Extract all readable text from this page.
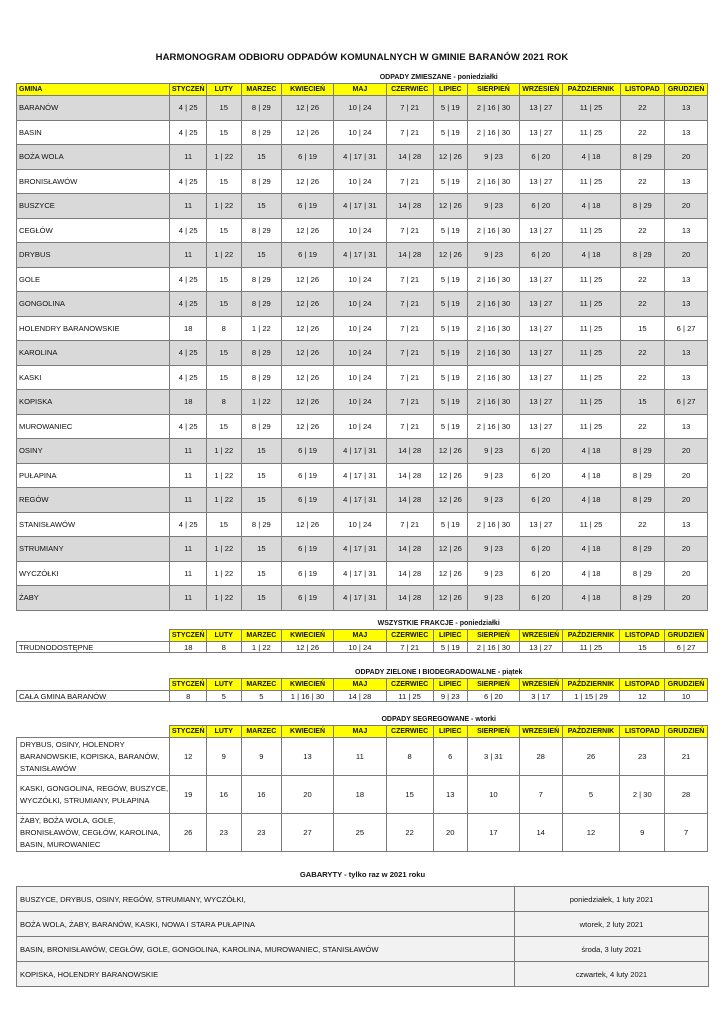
HARMONOGRAM ODBIORU ODPADÓW KOMUNALNYCH W GMINIE BARANÓW 2021 ROK
	ODPADY ZMIESZANE - poniedziałki											
GMINA	STYCZEŃ	LUTY	MARZEC	KWIECIEŃ	MAJ	CZERWIEC	LIPIEC	SIERPIEŃ	WRZESIEŃ	PAŹDZIERNIK	LISTOPAD	GRUDZIEŃ
BARANÓW	4 | 25	15	8 | 29	12 | 26	10 | 24	7 | 21	5 | 19	2 | 16 | 30	13 | 27	11 | 25	22	13
BASIN	4 | 25	15	8 | 29	12 | 26	10 | 24	7 | 21	5 | 19	2 | 16 | 30	13 | 27	11 | 25	22	13
BOŻA WOLA	11	1 | 22	15	6 | 19	4 | 17 | 31	14 | 28	12 | 26	9 | 23	6 | 20	4 | 18	8 | 29	20
BRONISŁAWÓW	4 | 25	15	8 | 29	12 | 26	10 | 24	7 | 21	5 | 19	2 | 16 | 30	13 | 27	11 | 25	22	13
BUSZYCE	11	1 | 22	15	6 | 19	4 | 17 | 31	14 | 28	12 | 26	9 | 23	6 | 20	4 | 18	8 | 29	20
CEGŁÓW	4 | 25	15	8 | 29	12 | 26	10 | 24	7 | 21	5 | 19	2 | 16 | 30	13 | 27	11 | 25	22	13
DRYBUS	11	1 | 22	15	6 | 19	4 | 17 | 31	14 | 28	12 | 26	9 | 23	6 | 20	4 | 18	8 | 29	20
GOLE	4 | 25	15	8 | 29	12 | 26	10 | 24	7 | 21	5 | 19	2 | 16 | 30	13 | 27	11 | 25	22	13
GONGOLINA	4 | 25	15	8 | 29	12 | 26	10 | 24	7 | 21	5 | 19	2 | 16 | 30	13 | 27	11 | 25	22	13
HOLENDRY BARANOWSKIE	18	8	1 | 22	12 | 26	10 | 24	7 | 21	5 | 19	2 | 16 | 30	13 | 27	11 | 25	15	6 | 27
KAROLINA	4 | 25	15	8 | 29	12 | 26	10 | 24	7 | 21	5 | 19	2 | 16 | 30	13 | 27	11 | 25	22	13
KASKI	4 | 25	15	8 | 29	12 | 26	10 | 24	7 | 21	5 | 19	2 | 16 | 30	13 | 27	11 | 25	22	13
KOPISKA	18	8	1 | 22	12 | 26	10 | 24	7 | 21	5 | 19	2 | 16 | 30	13 | 27	11 | 25	15	6 | 27
MUROWANIEC	4 | 25	15	8 | 29	12 | 26	10 | 24	7 | 21	5 | 19	2 | 16 | 30	13 | 27	11 | 25	22	13
OSINY	11	1 | 22	15	6 | 19	4 | 17 | 31	14 | 28	12 | 26	9 | 23	6 | 20	4 | 18	8 | 29	20
PUŁAPINA	11	1 | 22	15	6 | 19	4 | 17 | 31	14 | 28	12 | 26	9 | 23	6 | 20	4 | 18	8 | 29	20
REGÓW	11	1 | 22	15	6 | 19	4 | 17 | 31	14 | 28	12 | 26	9 | 23	6 | 20	4 | 18	8 | 29	20
STANISŁAWÓW	4 | 25	15	8 | 29	12 | 26	10 | 24	7 | 21	5 | 19	2 | 16 | 30	13 | 27	11 | 25	22	13
STRUMIANY	11	1 | 22	15	6 | 19	4 | 17 | 31	14 | 28	12 | 26	9 | 23	6 | 20	4 | 18	8 | 29	20
WYCZÓŁKI	11	1 | 22	15	6 | 19	4 | 17 | 31	14 | 28	12 | 26	9 | 23	6 | 20	4 | 18	8 | 29	20
ŻABY	11	1 | 22	15	6 | 19	4 | 17 | 31	14 | 28	12 | 26	9 | 23	6 | 20	4 | 18	8 | 29	20
	WSZYSTKIE FRAKCJE - poniedziałki											
	STYCZEŃ	LUTY	MARZEC	KWIECIEŃ	MAJ	CZERWIEC	LIPIEC	SIERPIEŃ	WRZESIEŃ	PAŹDZIERNIK	LISTOPAD	GRUDZIEŃ
TRUDNODOSTĘPNE	18	8	1 | 22	12 | 26	10 | 24	7 | 21	5 | 19	2 | 16 | 30	13 | 27	11 | 25	15	6 | 27
	ODPADY ZIELONE I BIODEGRADOWALNE - piątek											
	STYCZEŃ	LUTY	MARZEC	KWIECIEŃ	MAJ	CZERWIEC	LIPIEC	SIERPIEŃ	WRZESIEŃ	PAŹDZIERNIK	LISTOPAD	GRUDZIEŃ
CAŁA GMINA BARANÓW	8	5	5	1 | 16 | 30	14 | 28	11 | 25	9 | 23	6 | 20	3 | 17	1 | 15 | 29	12	10
	ODPADY SEGREGOWANE - wtorki											
	STYCZEŃ	LUTY	MARZEC	KWIECIEŃ	MAJ	CZERWIEC	LIPIEC	SIERPIEŃ	WRZESIEŃ	PAŹDZIERNIK	LISTOPAD	GRUDZIEŃ
DRYBUS, OSINY, HOLENDRY BARANOWSKIE, KOPISKA, BARANÓW, STANISŁAWÓW	12	9	9	13	11	8	6	3 | 31	28	26	23	21
KASKI, GONGOLINA, REGÓW, BUSZYCE, WYCZÓŁKI, STRUMIANY, PUŁAPINA	19	16	16	20	18	15	13	10	7	5	2 | 30	28
ŻABY, BOŻA WOLA, GOLE, BRONISŁAWÓW, CEGŁÓW, KAROLINA, BASIN, MUROWANIEC	26	23	23	27	25	22	20	17	14	12	9	7
GABARYTY - tylko raz w 2021 roku	
BUSZYCE, DRYBUS, OSINY, REGÓW, STRUMIANY, WYCZÓŁKI,	poniedziałek, 1 luty 2021
BOŻA WOLA, ŻABY, BARANÓW, KASKI, NOWA I STARA PUŁAPINA	wtorek, 2 luty 2021
BASIN, BRONISŁAWÓW, CEGŁÓW, GOLE, GONGOLINA, KAROLINA, MUROWANIEC, STANISŁAWÓW	środa, 3 luty 2021
KOPISKA, HOLENDRY BARANOWSKIE	czwartek, 4 luty 2021
